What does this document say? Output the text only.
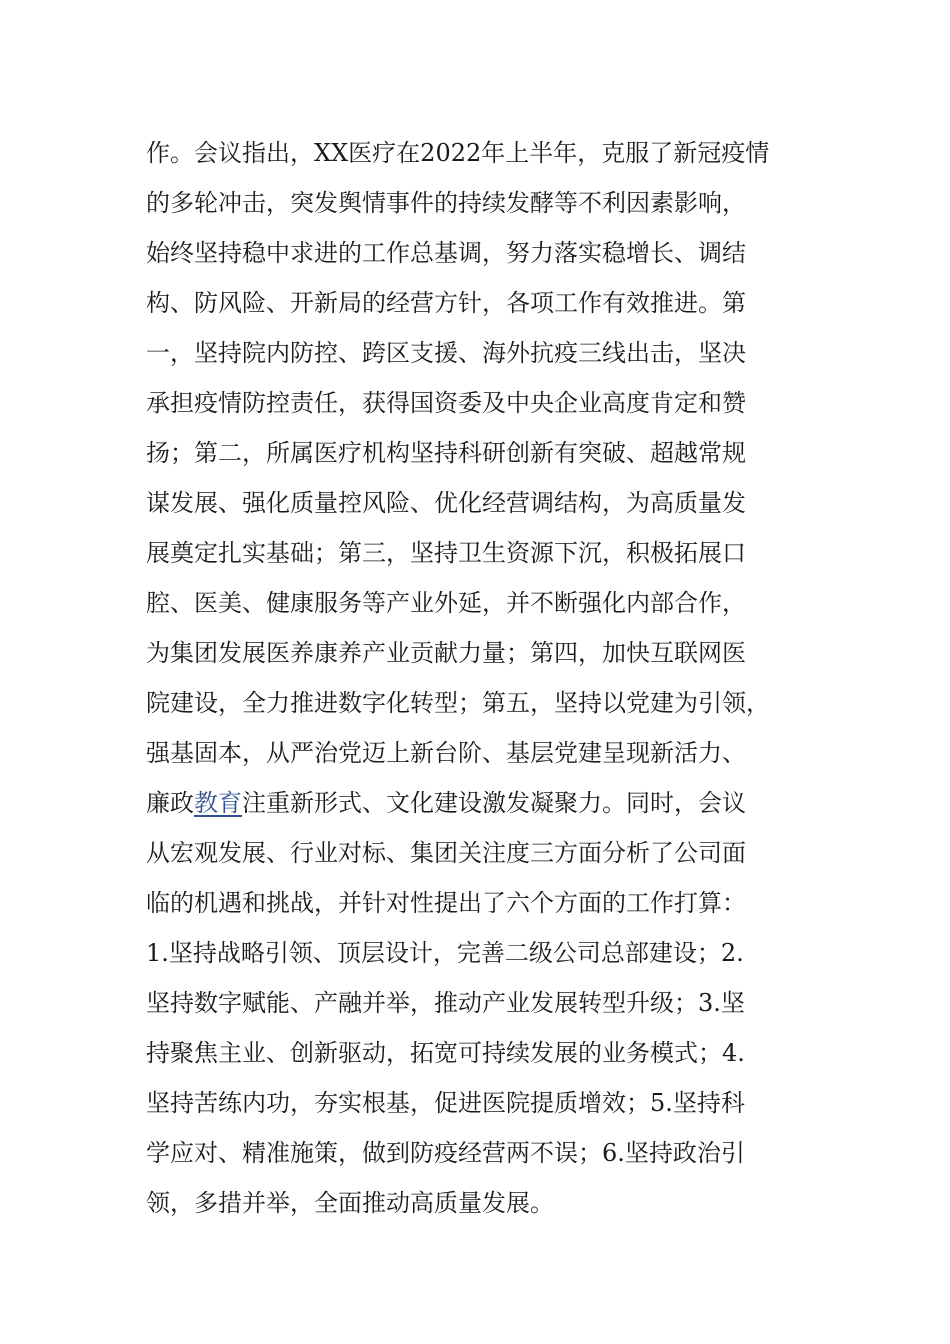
作。会议指出，XX医疗在2022年上半年，克服了新冠疫情
的多轮冲击，突发舆情事件的持续发酵等不利因素影响，
始终坚持稳中求进的工作总基调，努力落实稳增长、调结
构、防风险、开新局的经营方针，各项工作有效推进。第
一，坚持院内防控、跨区支援、海外抗疫三线出击，坚决
承担疫情防控责任，获得国资委及中央企业高度肯定和赞
扬；第二，所属医疗机构坚持科研创新有突破、超越常规
谋发展、强化质量控风险、优化经营调结构，为高质量发
展奠定扎实基础；第三，坚持卫生资源下沉，积极拓展口
腔、医美、健康服务等产业外延，并不断强化内部合作，
为集团发展医养康养产业贡献力量；第四，加快互联网医
院建设，全力推进数字化转型；第五，坚持以党建为引领，
强基固本，从严治党迈上新台阶、基层党建呈现新活力、
廉政教育注重新形式、文化建设激发凝聚力。同时，会议
从宏观发展、行业对标、集团关注度三方面分析了公司面
临的机遇和挑战，并针对性提出了六个方面的工作打算：
1.坚持战略引领、顶层设计，完善二级公司总部建设；2.
坚持数字赋能、产融并举，推动产业发展转型升级；3.坚
持聚焦主业、创新驱动，拓宽可持续发展的业务模式；4.
坚持苦练内功，夯实根基，促进医院提质增效；5.坚持科
学应对、精准施策，做到防疫经营两不误；6.坚持政治引
领，多措并举，全面推动高质量发展。
